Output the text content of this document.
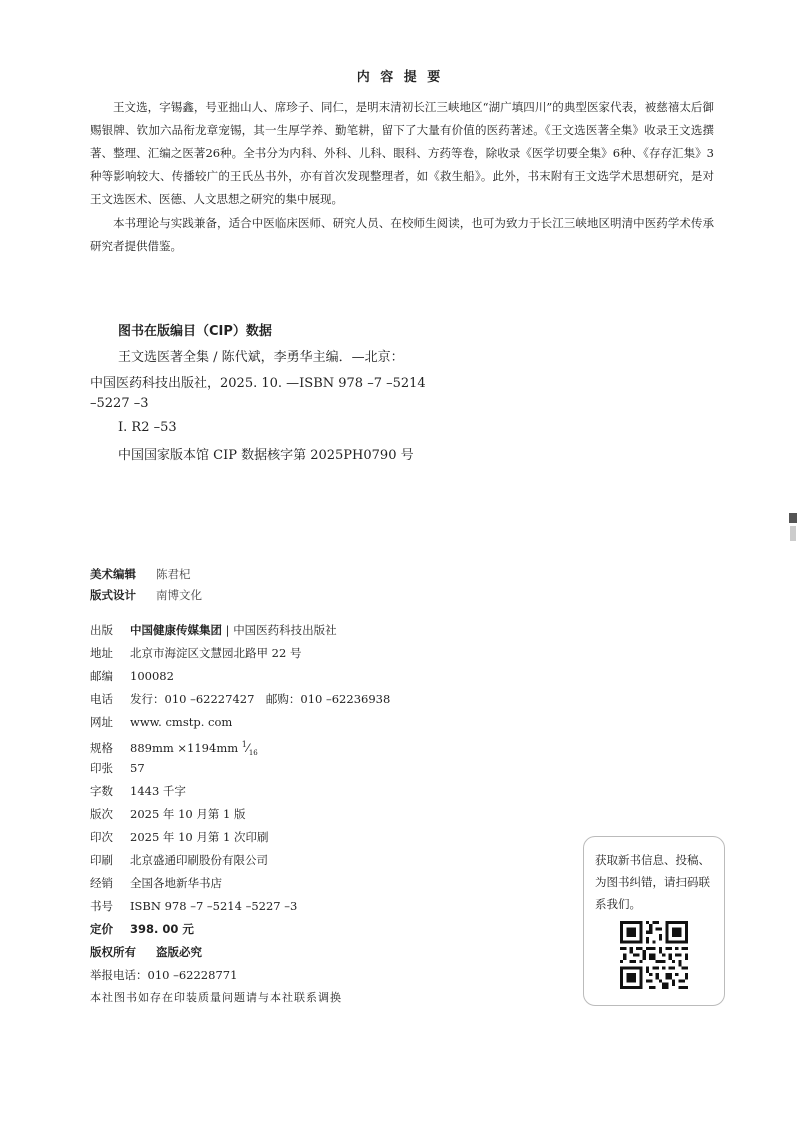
内 容 提 要

王文选，字锡鑫，号亚拙山人、席珍子、同仁，是明末清初长江三峡地区“湖广填四川”的典型医家代表，被慈禧太后御赐银牌、钦加六品衔龙章宠锡，其一生厚学养、勤笔耕，留下了大量有价值的医药著述。《王文选医著全集》收录王文选撰著、整理、汇编之医著26种。全书分为内科、外科、儿科、眼科、方药等卷，除收录《医学切要全集》6种、《存存汇集》3种等影响较大、传播较广的王氏丛书外，亦有首次发现整理者，如《救生船》。此外，书末附有王文选学术思想研究，是对王文选医术、医德、人文思想之研究的集中展现。

本书理论与实践兼备，适合中医临床医师、研究人员、在校师生阅读，也可为致力于长江三峡地区明清中医药学术传承研究者提供借鉴。

图书在版编目（CIP）数据
王文选医著全集 / 陈代斌，李勇华主编．—北京：
中国医药科技出版社，2025. 10. —ISBN 978 –7 –5214
–5227 –3
Ⅰ. R2 –53
中国国家版本馆 CIP 数据核字第 2025PH0790 号
美术编辑 陈君杞
版式设计 南博文化
出版 中国健康传媒集团 | 中国医药科技出版社
地址 北京市海淀区文慧园北路甲 22 号
邮编 100082
电话 发行：010 –62227427　邮购：010 –62236938
网址 www. cmstp. com
规格 889mm ×1194mm $^1⁄_{16}$
印张 57
字数 1443 千字
版次 2025 年 10 月第 1 版
印次 2025 年 10 月第 1 次印刷
印刷 北京盛通印刷股份有限公司
经销 全国各地新华书店
书号 ISBN 978 –7 –5214 –5227 –3
定价 398. 00 元
版权所有 盗版必究
举报电话：010 –62228771
本社图书如存在印装质量问题请与本社联系调换
获取新书信息、投稿、为图书纠错，请扫码联系我们。
